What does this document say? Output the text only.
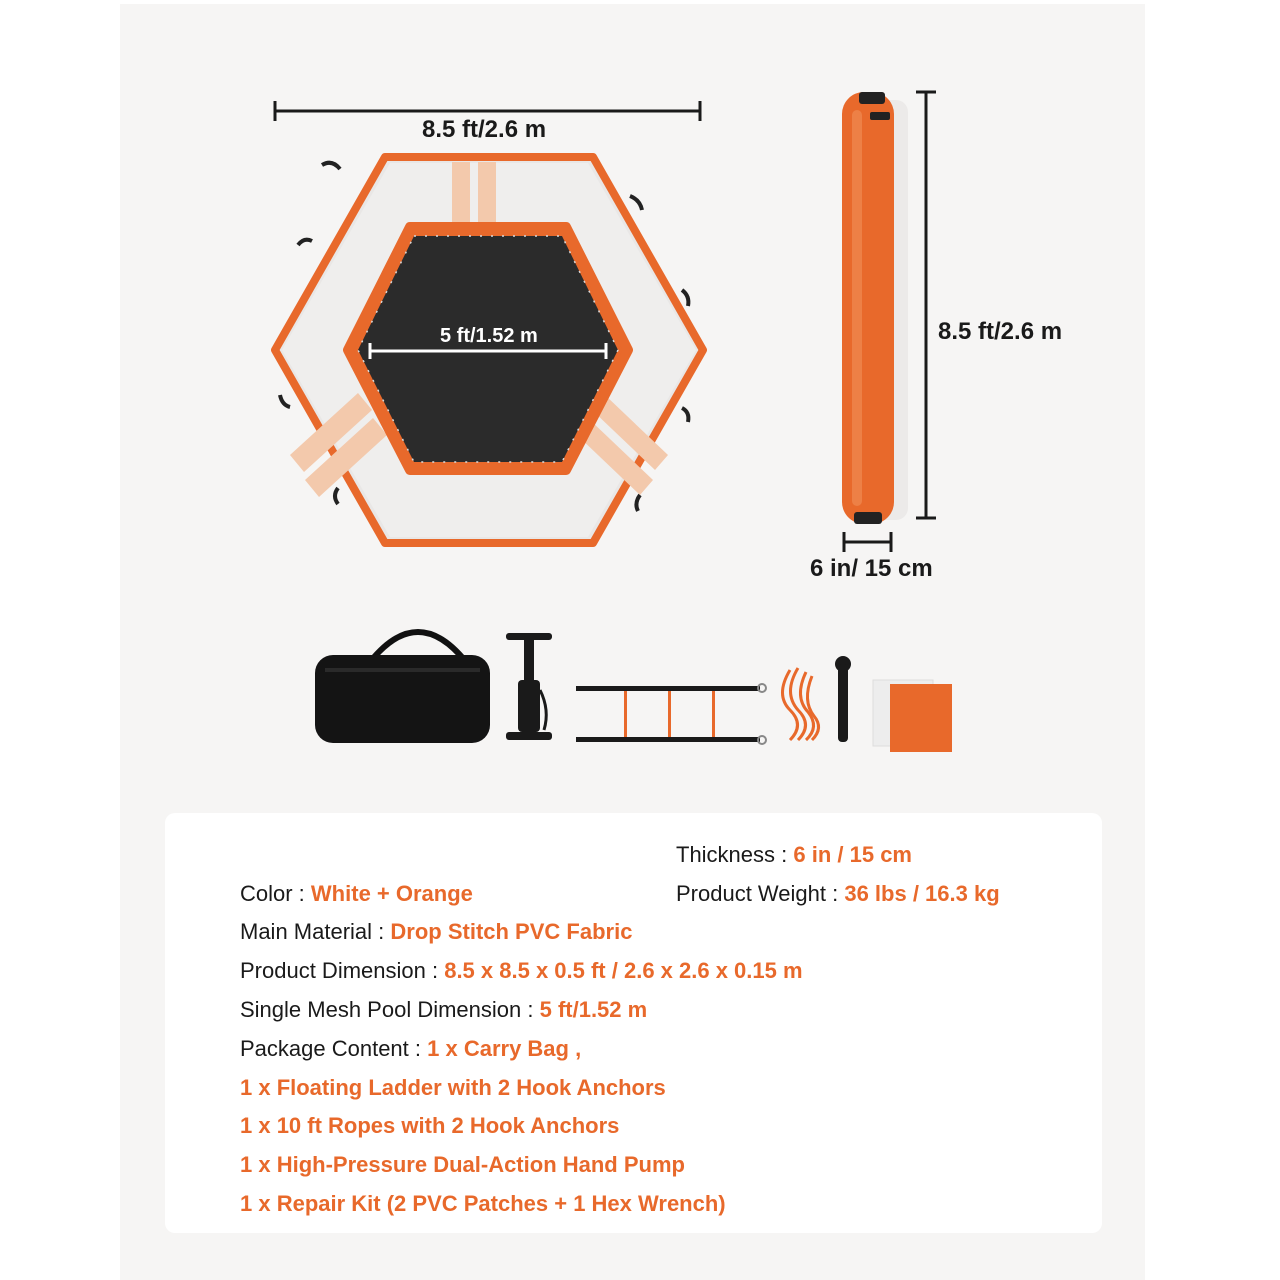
8.5 ft/2.6 m
5 ft/1.52 m	8.5 ft/2.6 m
6 in/ 15 cm
Thickness : 6 in / 15 cm
Color : White + Orange	Product Weight : 36 lbs / 16.3 kg
Main Material : Drop Stitch PVC Fabric
Product Dimension : 8.5 x 8.5 x 0.5 ft / 2.6 x 2.6 x 0.15 m
Single Mesh Pool Dimension : 5 ft/1.52 m
Package Content : 1 x Carry Bag ,
1 x Floating Ladder with 2 Hook Anchors
1 x 10 ft Ropes with 2 Hook Anchors
1 x High-Pressure Dual-Action Hand Pump
1 x Repair Kit (2 PVC Patches + 1 Hex Wrench)
